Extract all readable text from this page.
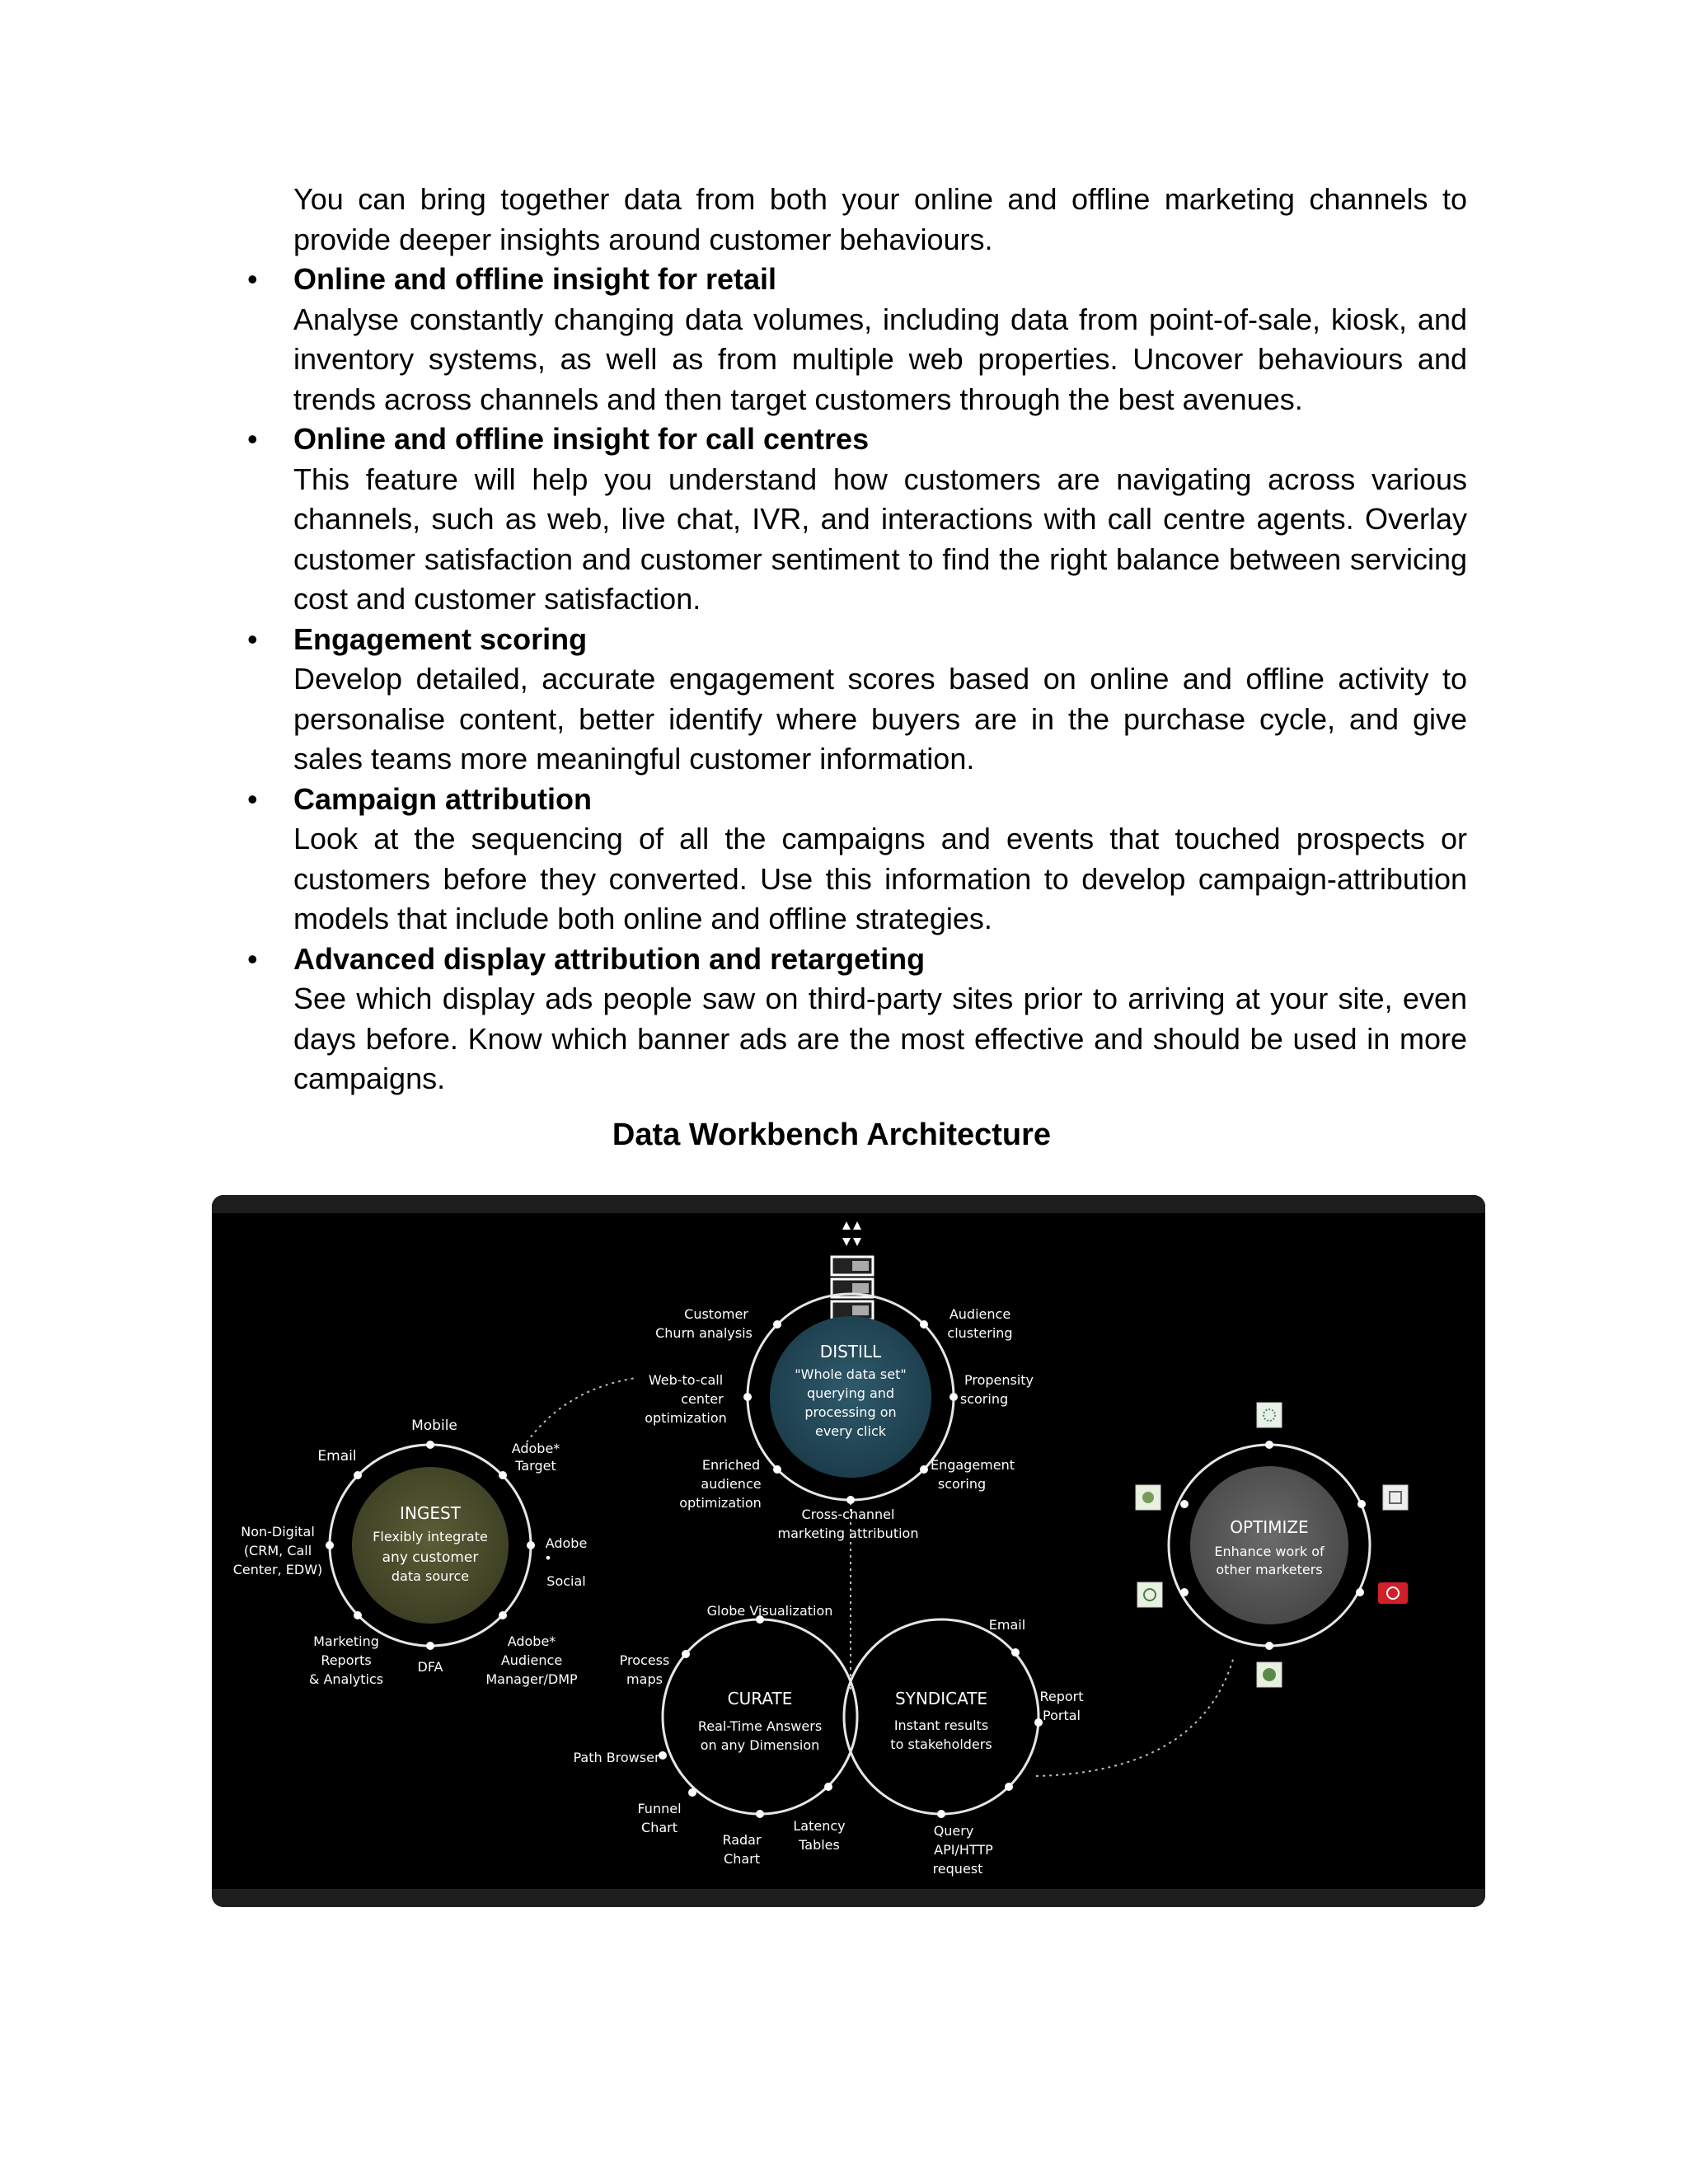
You can bring together data from both your online and offline marketing channels to provide deeper insights around customer behaviours.

• Online and offline insight for retail

Analyse constantly changing data volumes, including data from point-of-sale, kiosk, and inventory systems, as well as from multiple web properties. Uncover behaviours and trends across channels and then target customers through the best avenues.

• Online and offline insight for call centres

This feature will help you understand how customers are navigating across various channels, such as web, live chat, IVR, and interactions with call centre agents. Overlay customer satisfaction and customer sentiment to find the right balance between servicing cost and customer satisfaction.

• Engagement scoring

Develop detailed, accurate engagement scores based on online and offline activity to personalise content, better identify where buyers are in the purchase cycle, and give sales teams more meaningful customer information.

• Campaign attribution

Look at the sequencing of all the campaigns and events that touched prospects or customers before they converted. Use this information to develop campaign-attribution models that include both online and offline strategies.

• Advanced display attribution and retargeting

See which display ads people saw on third-party sites prior to arriving at your site, even days before. Know which banner ads are the most effective and should be used in more campaigns.

Data Workbench Architecture

INGEST
Flexibly integrate
any customer
data source
Mobile
Email	Adobe*
Target
Non-Digital
(CRM, Call
Center, EDW)
Adobe
•
Social
Marketing
Reports
& Analytics
DFA
Adobe*
Audience
Manager/DMP
DISTILL
"Whole data set"
querying and
processing on
every click
Customer
Churn analysis
Audience
clustering
Web-to-call
center
optimization
Propensity
scoring
Enriched
audience
optimization
Engagement
scoring
Cross-channel
marketing attribution
CURATE
Real-Time Answers
on any Dimension
Globe Visualization
Process
maps
Path Browser
Funnel
Chart
Radar
Chart
Latency
Tables
SYNDICATE
Instant results
to stakeholders
Email
Report
Portal
Query
API/HTTP
request
OPTIMIZE
Enhance work of
other marketers
